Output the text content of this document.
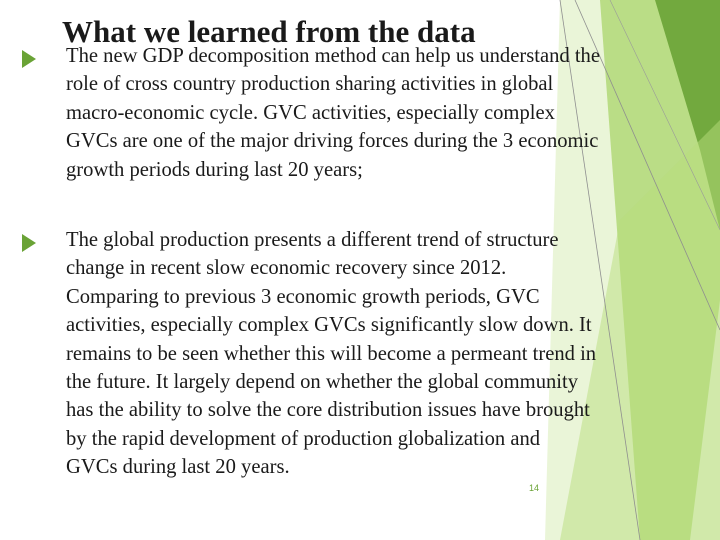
What we learned from the data
The new GDP decomposition method can help us understand the
role of cross country production sharing activities in global
macro-economic cycle. GVC activities, especially complex
GVCs are one of the major driving forces during the 3 economic
growth periods during last 20 years;
The global production presents a different trend of structure
change in recent slow economic recovery since 2012.
Comparing to previous 3 economic growth periods, GVC
activities, especially complex GVCs significantly slow down. It
remains to be seen whether this will become a permeant trend in
the future. It largely depend on whether the global community
has the ability to solve the core distribution issues have brought
by the rapid development of production globalization and
GVCs during last 20 years.
14
